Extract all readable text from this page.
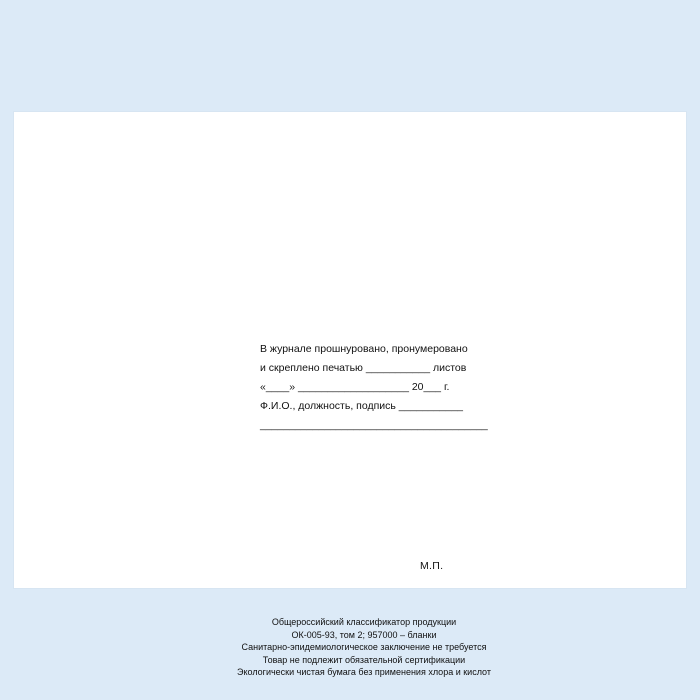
В журнале прошнуровано, пронумеровано
и скреплено печатью ___________ листов
«____» ___________________ 20___ г.
Ф.И.О., должность, подпись ___________
_______________________________________
М.П.
Общероссийский классификатор продукции
ОК-005-93, том 2; 957000 – бланки
Санитарно-эпидемиологическое заключение не требуется
Товар не подлежит обязательной сертификации
Экологически чистая бумага без применения хлора и кислот
